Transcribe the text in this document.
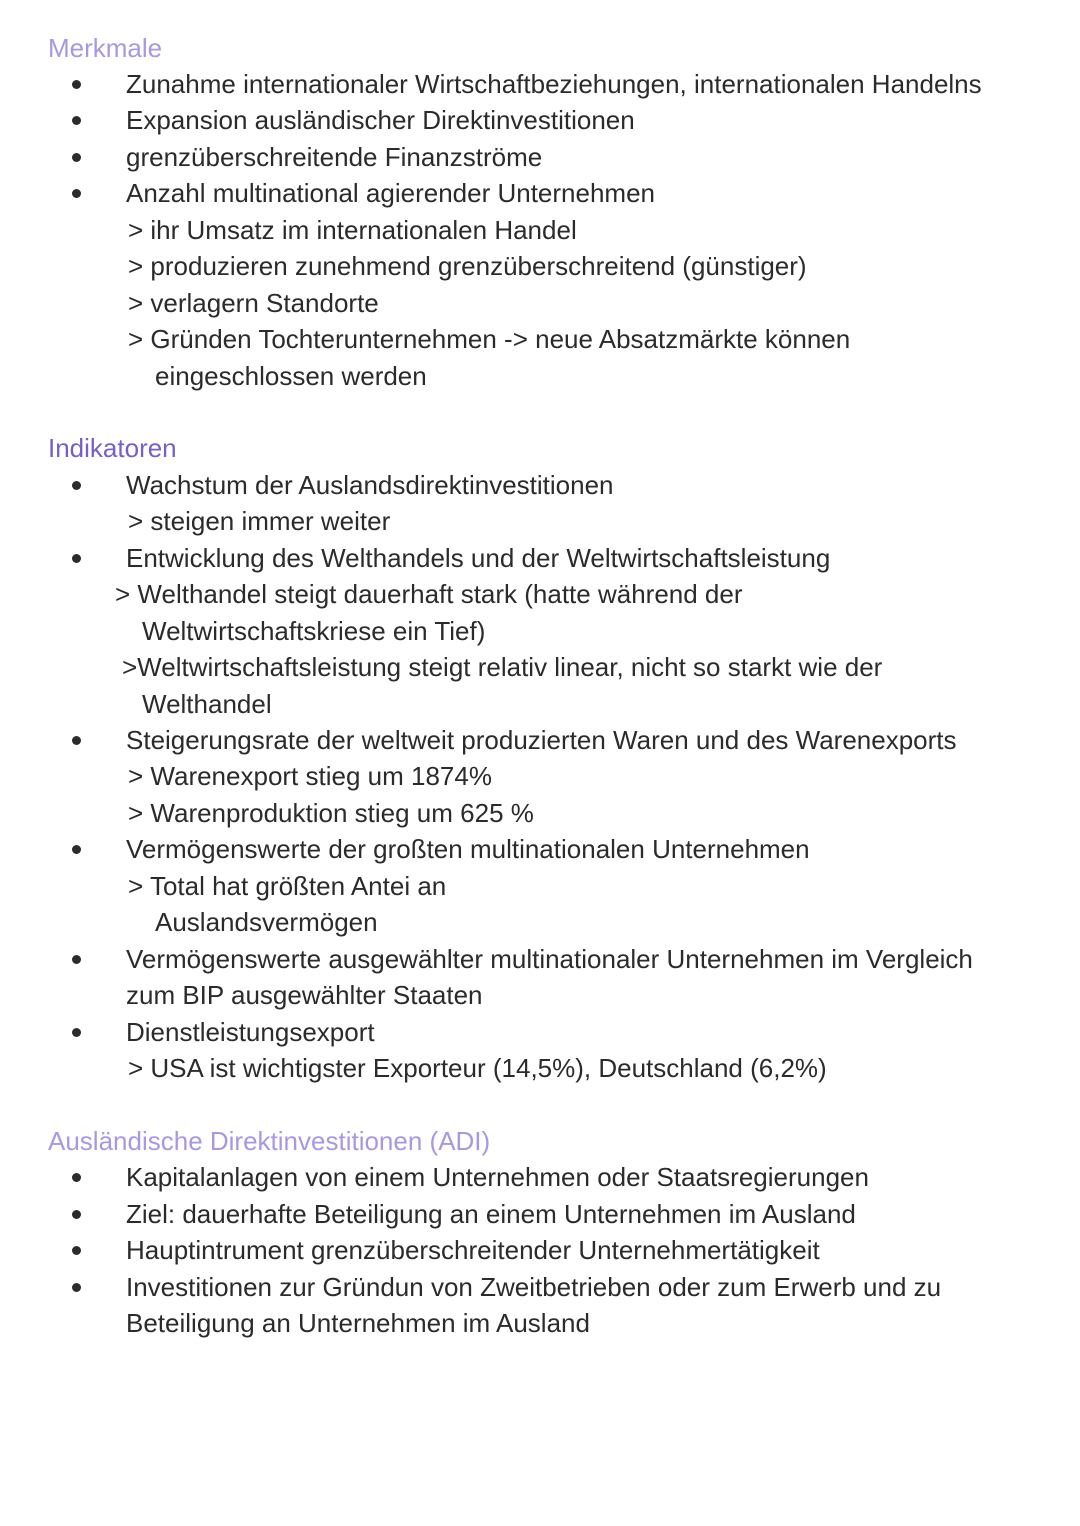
Merkmale
Zunahme internationaler Wirtschaftbeziehungen, internationalen Handelns
Expansion ausländischer Direktinvestitionen
grenzüberschreitende Finanzströme
Anzahl multinational agierender Unternehmen
> ihr Umsatz im internationalen Handel
> produzieren zunehmend grenzüberschreitend (günstiger)
> verlagern Standorte
> Gründen Tochterunternehmen -> neue Absatzmärkte können
eingeschlossen werden
Indikatoren
Wachstum der Auslandsdirektinvestitionen
> steigen immer weiter
Entwicklung des Welthandels und der Weltwirtschaftsleistung
> Welthandel steigt dauerhaft stark (hatte während der
Weltwirtschaftskriese ein Tief)
>Weltwirtschaftsleistung steigt relativ linear, nicht so starkt wie der
Welthandel
Steigerungsrate der weltweit produzierten Waren und des Warenexports
> Warenexport stieg um 1874%
> Warenproduktion stieg um 625 %
Vermögenswerte der großten multinationalen Unternehmen
> Total hat größten Antei an
Auslandsvermögen
Vermögenswerte ausgewählter multinationaler Unternehmen im Vergleich
zum BIP ausgewählter Staaten
Dienstleistungsexport
> USA ist wichtigster Exporteur (14,5%), Deutschland (6,2%)
Ausländische Direktinvestitionen (ADI)
Kapitalanlagen von einem Unternehmen oder Staatsregierungen
Ziel: dauerhafte Beteiligung an einem Unternehmen im Ausland
Hauptintrument grenzüberschreitender Unternehmertätigkeit
Investitionen zur Gründun von Zweitbetrieben oder zum Erwerb und zu
Beteiligung an Unternehmen im Ausland
